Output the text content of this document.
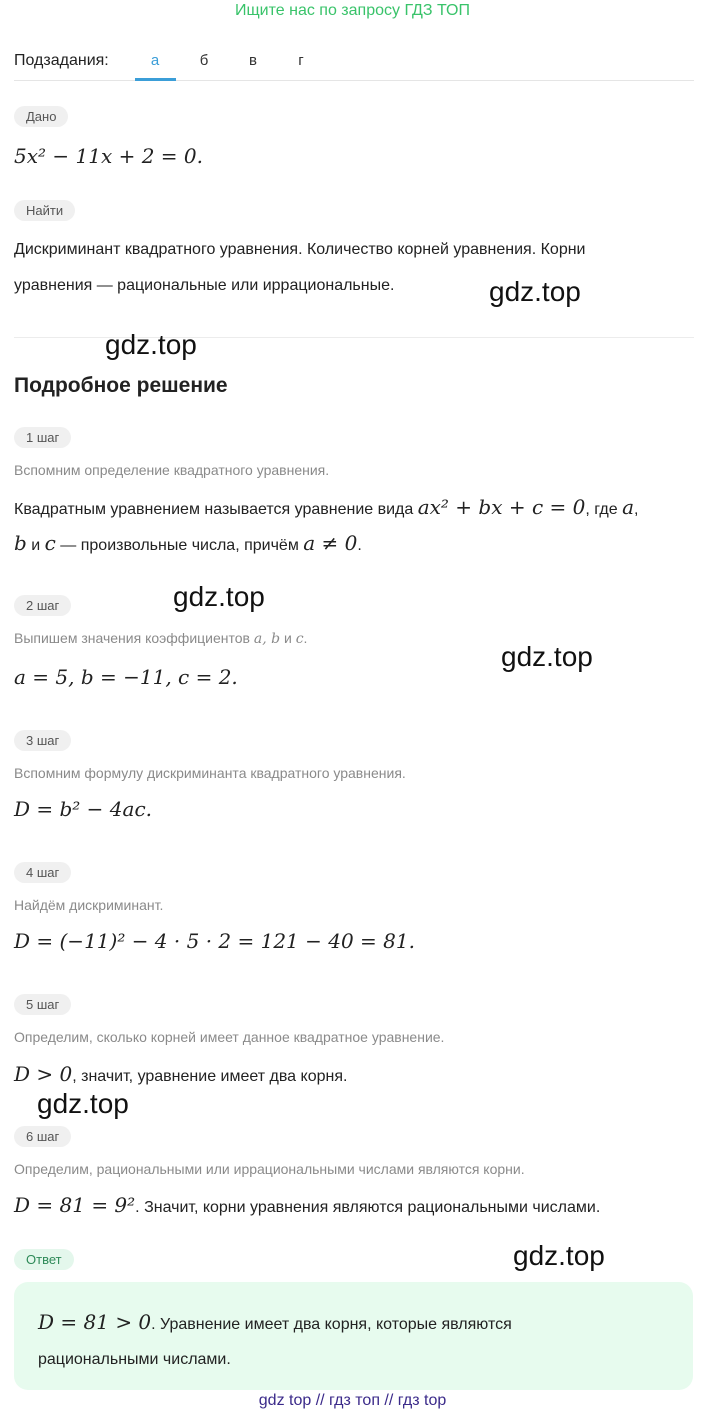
Ищите нас по запросу ГДЗ ТОП
Подзадания:	а	б	в	г
Дано
5x² − 11x + 2 = 0.
Найти
Дискриминант квадратного уравнения. Количество корней уравнения. Корни
уравнения — рациональные или иррациональные.
Подробное решение
1 шаг
Вспомним определение квадратного уравнения.
Квадратным уравнением называется уравнение вида ax² + bx + c = 0, где a,
b и c — произвольные числа, причём a ≠ 0.
2 шаг
Выпишем значения коэффициентов a, b и c.
a = 5, b = −11, c = 2.
3 шаг
Вспомним формулу дискриминанта квадратного уравнения.
D = b² − 4ac.
4 шаг
Найдём дискриминант.
D = (−11)² − 4 · 5 · 2 = 121 − 40 = 81.
5 шаг
Определим, сколько корней имеет данное квадратное уравнение.
D > 0, значит, уравнение имеет два корня.
6 шаг
Определим, рациональными или иррациональными числами являются корни.
D = 81 = 9². Значит, корни уравнения являются рациональными числами.
Ответ
D = 81 > 0. Уравнение имеет два корня, которые являются
рациональными числами.
gdz.top
gdz.top
gdz.top
gdz.top
gdz.top
gdz.top
gdz top // гдз топ // гдз top
